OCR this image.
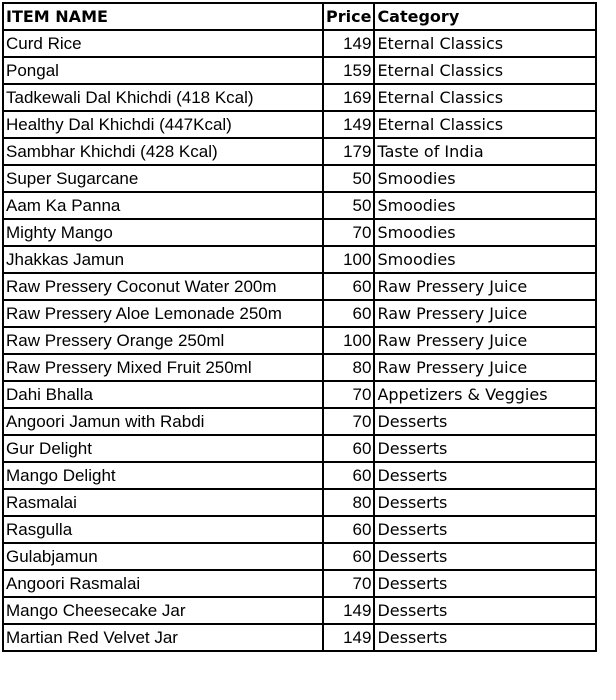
ITEM NAME	Price	Category
Curd Rice	149	Eternal Classics
Pongal	159	Eternal Classics
Tadkewali Dal Khichdi (418 Kcal)	169	Eternal Classics
Healthy Dal Khichdi (447Kcal)	149	Eternal Classics
Sambhar Khichdi (428 Kcal)	179	Taste of India
Super Sugarcane	50	Smoodies
Aam Ka Panna	50	Smoodies
Mighty Mango	70	Smoodies
Jhakkas Jamun	100	Smoodies
Raw Pressery Coconut Water 200m	60	Raw Pressery Juice
Raw Pressery Aloe Lemonade 250m	60	Raw Pressery Juice
Raw Pressery Orange 250ml	100	Raw Pressery Juice
Raw Pressery Mixed Fruit 250ml	80	Raw Pressery Juice
Dahi Bhalla	70	Appetizers & Veggies
Angoori Jamun with Rabdi	70	Desserts
Gur Delight	60	Desserts
Mango Delight	60	Desserts
Rasmalai	80	Desserts
Rasgulla	60	Desserts
Gulabjamun	60	Desserts
Angoori Rasmalai	70	Desserts
Mango Cheesecake Jar	149	Desserts
Martian Red Velvet Jar	149	Desserts
